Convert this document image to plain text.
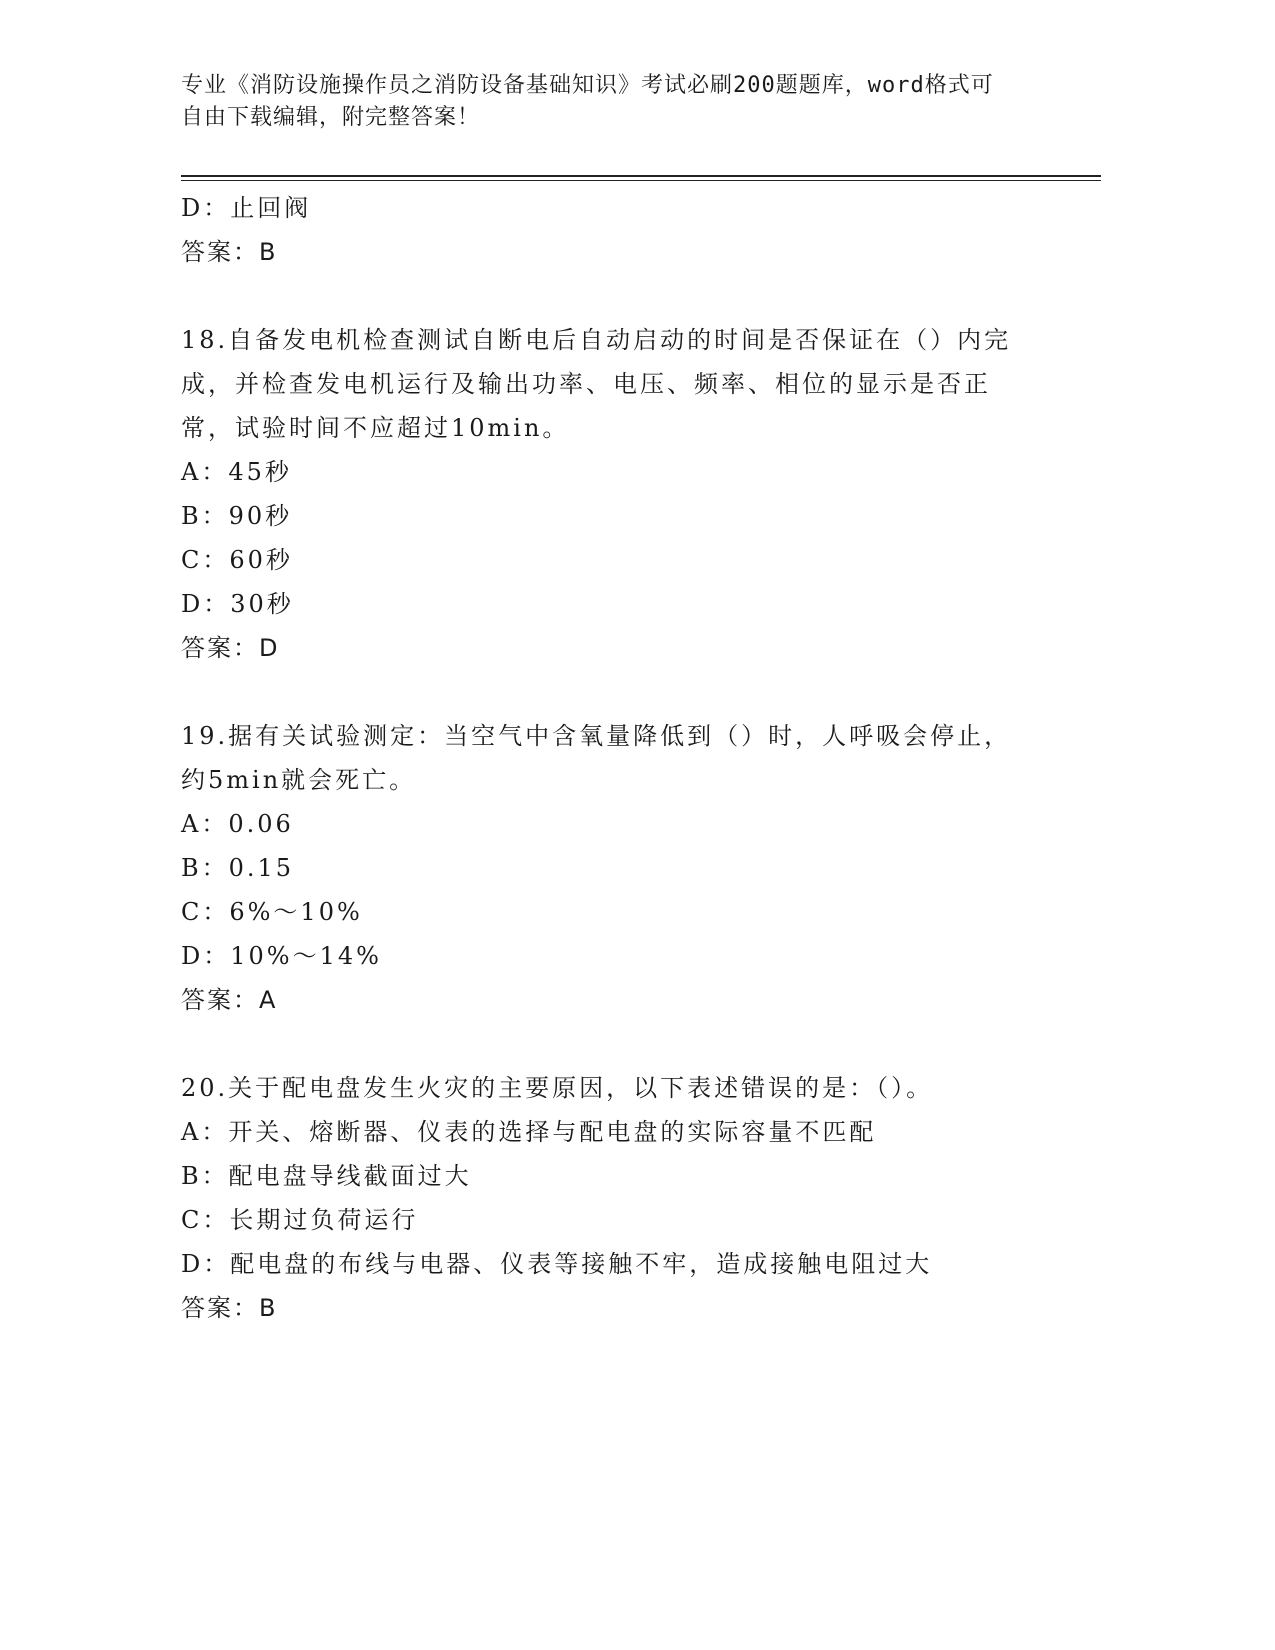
专业《消防设施操作员之消防设备基础知识》考试必刷200题题库，word格式可
自由下载编辑，附完整答案！
D：止回阀
答案：B
18.自备发电机检查测试自断电后自动启动的时间是否保证在（）内完
成，并检查发电机运行及输出功率、电压、频率、相位的显示是否正
常，试验时间不应超过10min。
A：45秒
B：90秒
C：60秒
D：30秒
答案：D
19.据有关试验测定：当空气中含氧量降低到（）时，人呼吸会停止，
约5min就会死亡。
A：0.06
B：0.15
C：6%～10%
D：10%～14%
答案：A
20.关于配电盘发生火灾的主要原因，以下表述错误的是：（）。
A：开关、熔断器、仪表的选择与配电盘的实际容量不匹配
B：配电盘导线截面过大
C：长期过负荷运行
D：配电盘的布线与电器、仪表等接触不牢，造成接触电阻过大
答案：B
